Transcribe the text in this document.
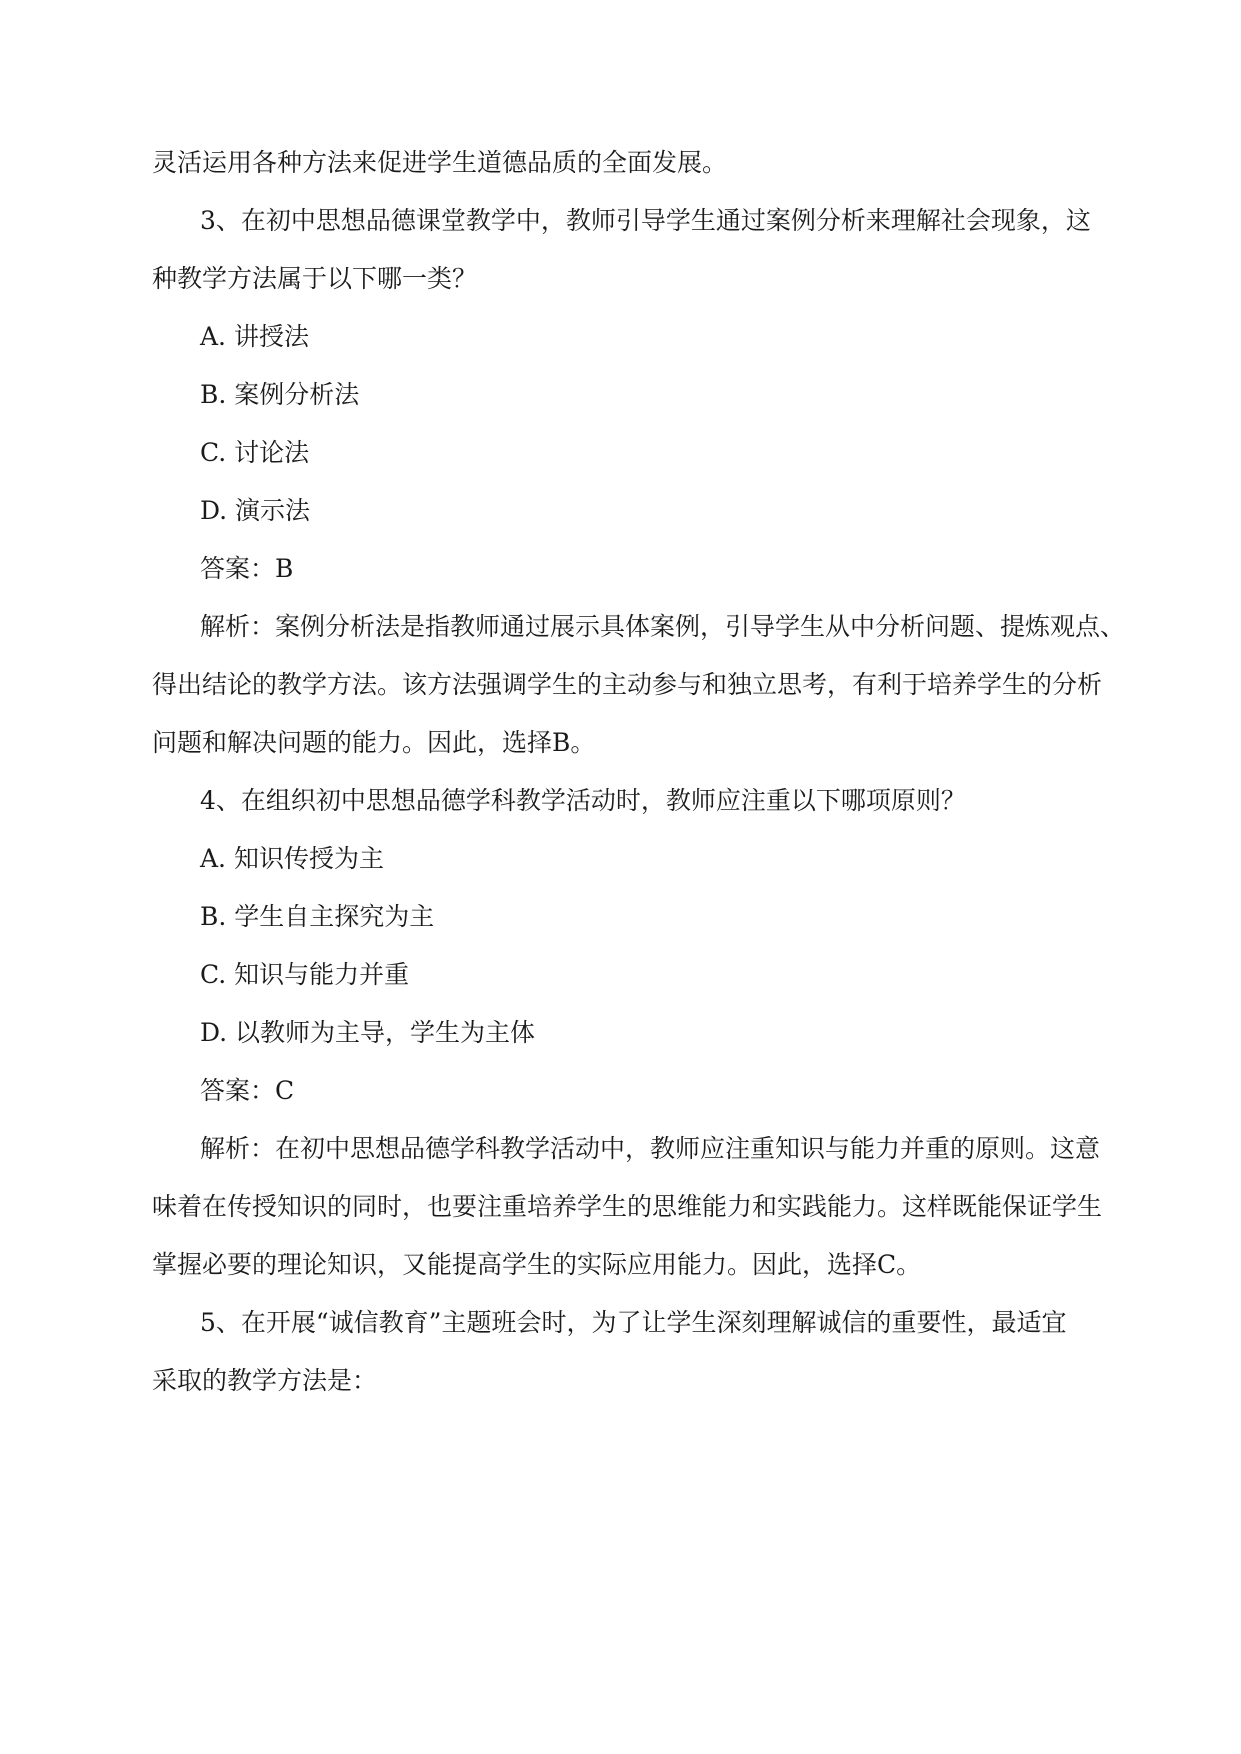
灵活运用各种方法来促进学生道德品质的全面发展。
3、在初中思想品德课堂教学中，教师引导学生通过案例分析来理解社会现象，这
种教学方法属于以下哪一类？
A. 讲授法
B. 案例分析法
C. 讨论法
D. 演示法
答案：B
解析：案例分析法是指教师通过展示具体案例，引导学生从中分析问题、提炼观点、
得出结论的教学方法。该方法强调学生的主动参与和独立思考，有利于培养学生的分析
问题和解决问题的能力。因此，选择B。
4、在组织初中思想品德学科教学活动时，教师应注重以下哪项原则？
A. 知识传授为主
B. 学生自主探究为主
C. 知识与能力并重
D. 以教师为主导，学生为主体
答案：C
解析：在初中思想品德学科教学活动中，教师应注重知识与能力并重的原则。这意
味着在传授知识的同时，也要注重培养学生的思维能力和实践能力。这样既能保证学生
掌握必要的理论知识，又能提高学生的实际应用能力。因此，选择C。
5、在开展“诚信教育”主题班会时，为了让学生深刻理解诚信的重要性，最适宜
采取的教学方法是：
